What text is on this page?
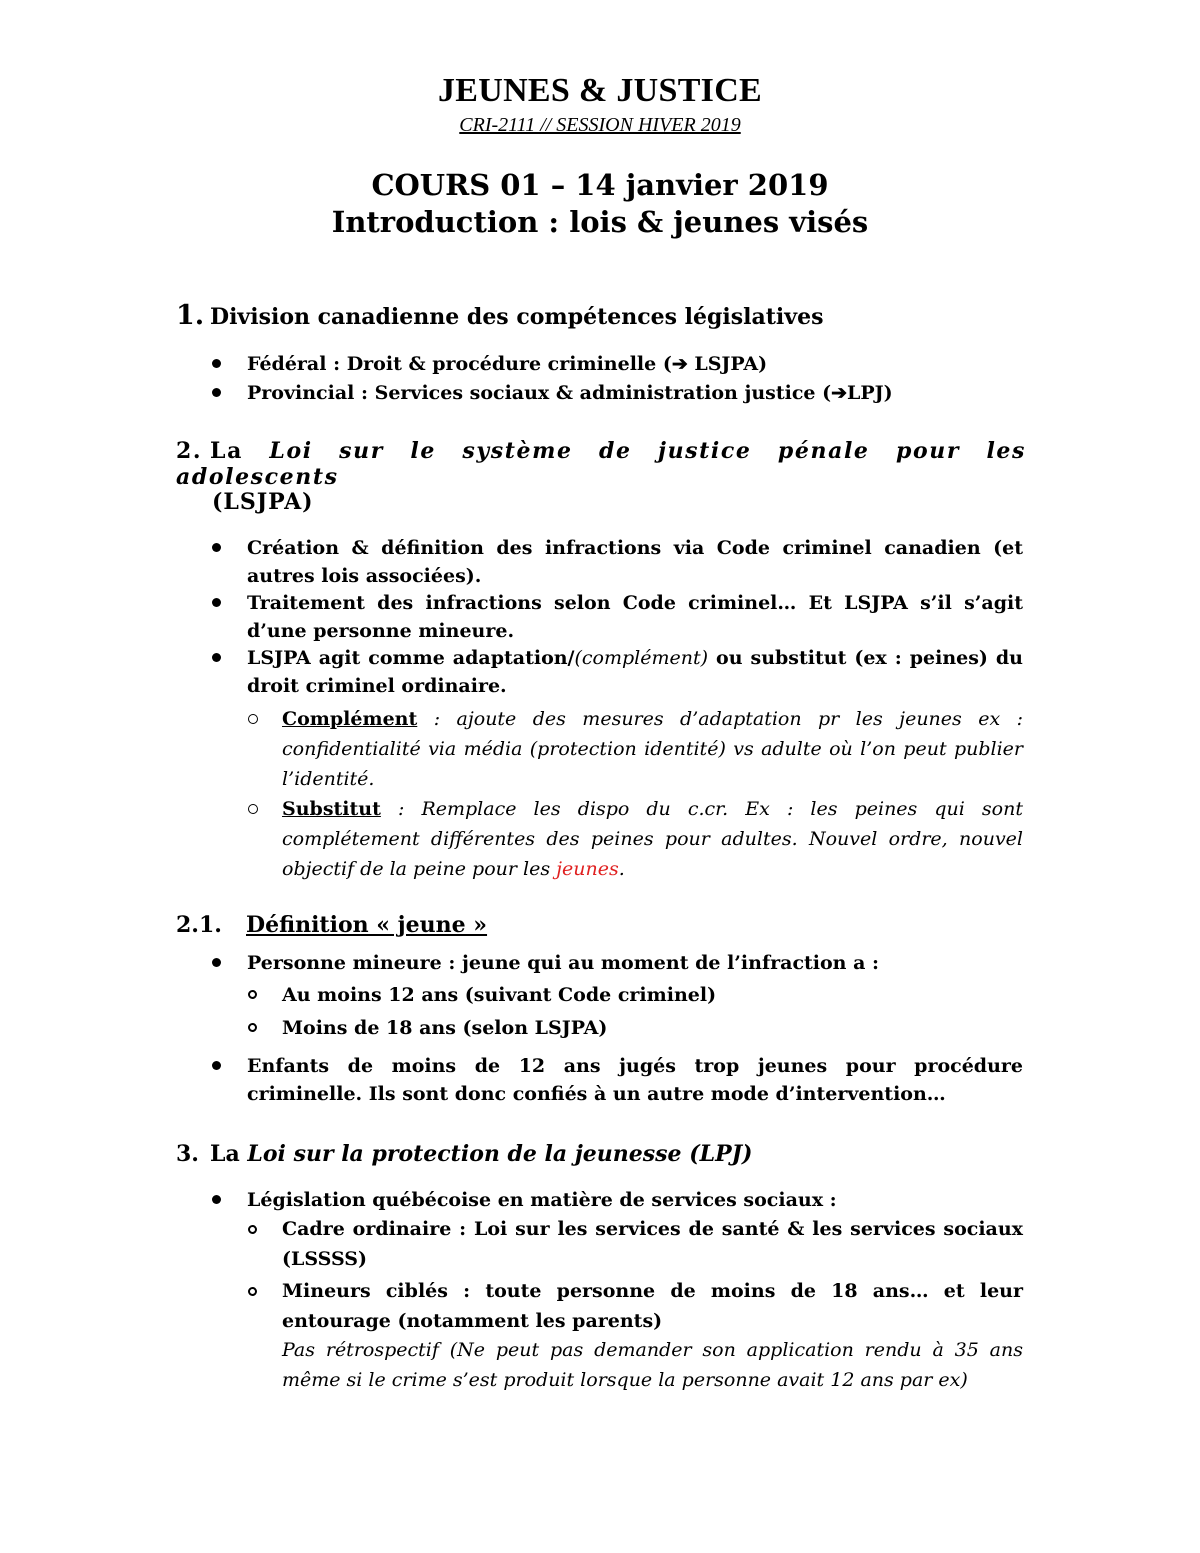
JEUNES & JUSTICE
CRI-2111 // SESSION HIVER 2019
COURS 01 – 14 janvier 2019
Introduction : lois & jeunes visés
1. Division canadienne des compétences législatives
Fédéral : Droit & procédure criminelle (➔ LSJPA)
Provincial : Services sociaux & administration justice (➔LPJ)
2. La Loi sur le système de justice pénale pour les adolescents
(LSJPA)
Création & définition des infractions via Code criminel canadien (et autres lois associées).
Traitement des infractions selon Code criminel… Et LSJPA s’il s’agit d’une personne mineure.
LSJPA agit comme adaptation/(complément) ou substitut (ex : peines) du droit criminel ordinaire.
Complément : ajoute des mesures d’adaptation pr les jeunes ex : confidentialité via média (protection identité) vs adulte où l’on peut publier l’identité.
Substitut : Remplace les dispo du c.cr. Ex : les peines qui sont complétement différentes des peines pour adultes. Nouvel ordre, nouvel objectif de la peine pour les jeunes.
2.1. Définition « jeune »
Personne mineure : jeune qui au moment de l’infraction a :
Au moins 12 ans (suivant Code criminel)
Moins de 18 ans (selon LSJPA)
Enfants de moins de 12 ans jugés trop jeunes pour procédure criminelle. Ils sont donc confiés à un autre mode d’intervention…
3. La Loi sur la protection de la jeunesse (LPJ)
Législation québécoise en matière de services sociaux :
Cadre ordinaire : Loi sur les services de santé & les services sociaux (LSSSS)
Mineurs ciblés : toute personne de moins de 18 ans… et leur entourage (notamment les parents)
Pas rétrospectif (Ne peut pas demander son application rendu à 35 ans même si le crime s’est produit lorsque la personne avait 12 ans par ex)
